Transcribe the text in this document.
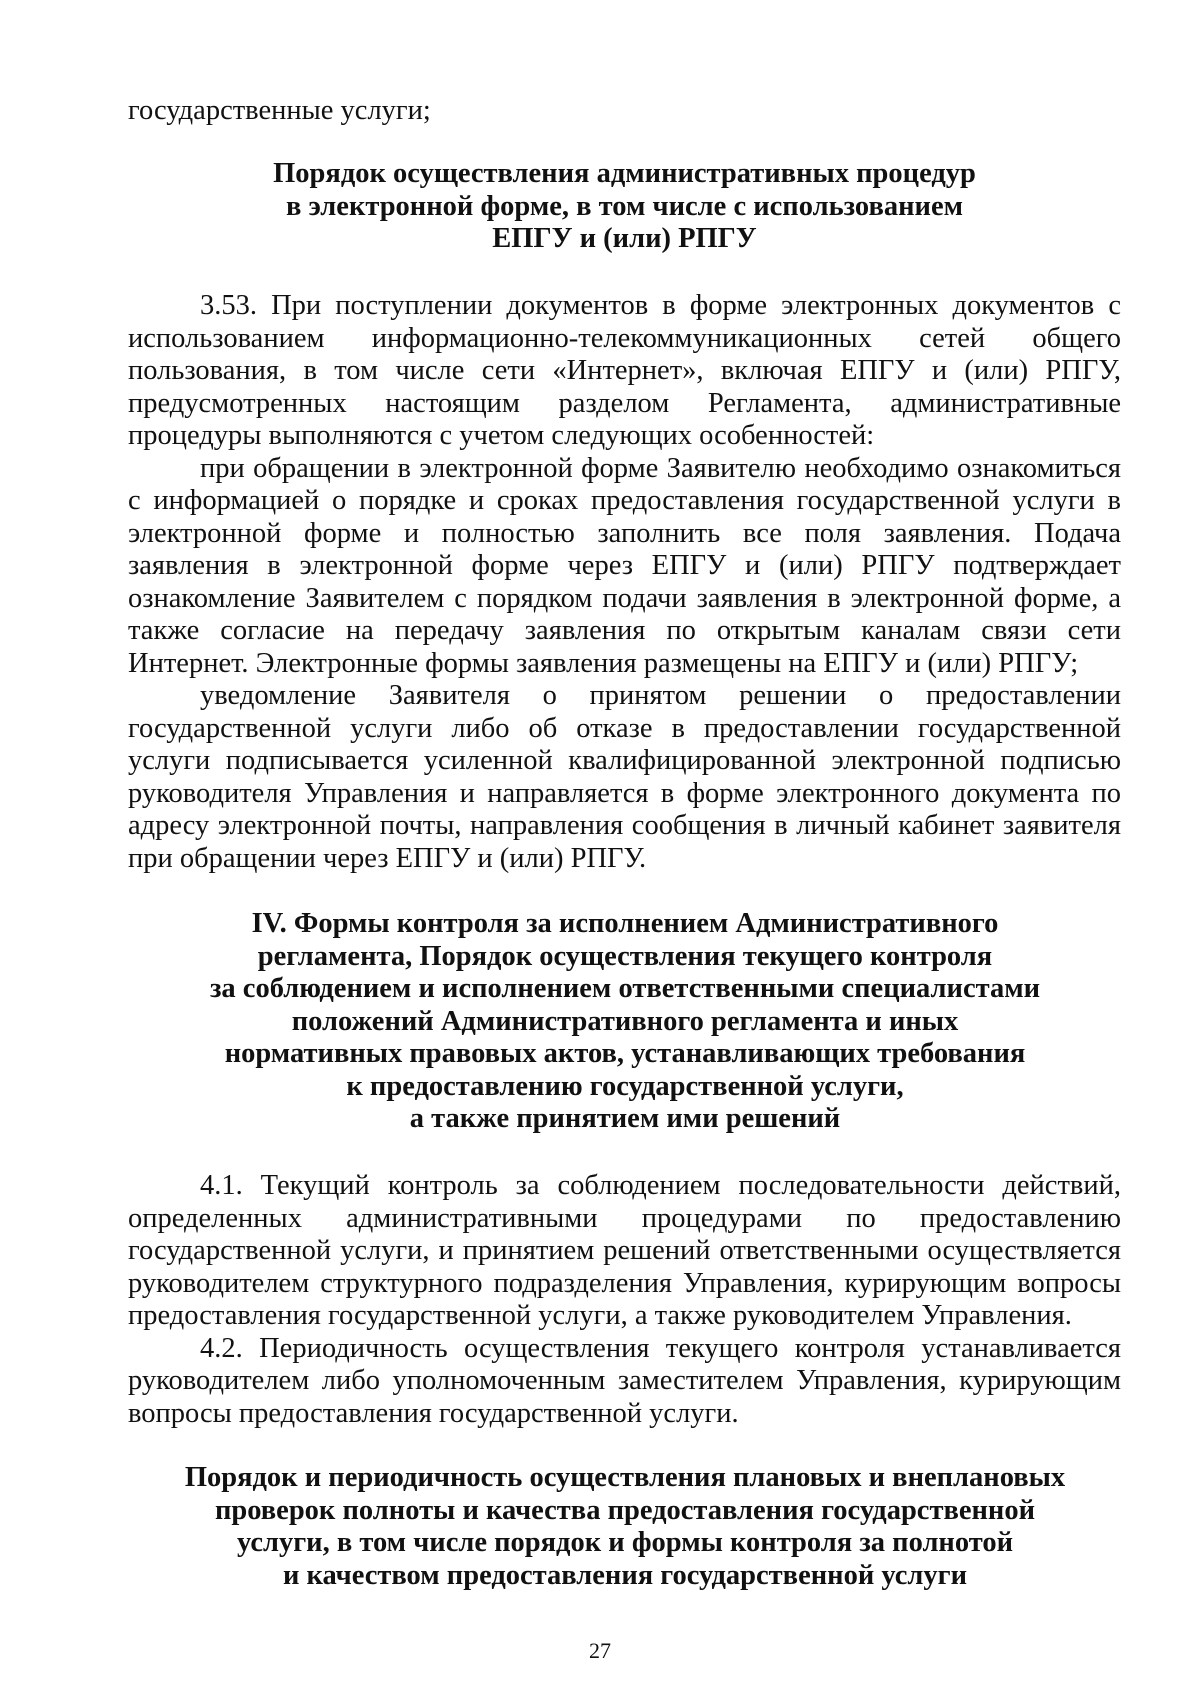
государственные услуги;

Порядок осуществления административных процедур
в электронной форме, в том числе с использованием
ЕПГУ и (или) РПГУ

3.53. При поступлении документов в форме электронных документов с использованием информационно-телекоммуникационных сетей общего пользования, в том числе сети «Интернет», включая ЕПГУ и (или) РПГУ, предусмотренных настоящим разделом Регламента, административные процедуры выполняются с учетом следующих особенностей:

при обращении в электронной форме Заявителю необходимо ознакомиться с информацией о порядке и сроках предоставления государственной услуги в электронной форме и полностью заполнить все поля заявления. Подача заявления в электронной форме через ЕПГУ и (или) РПГУ подтверждает ознакомление Заявителем с порядком подачи заявления в электронной форме, а также согласие на передачу заявления по открытым каналам связи сети Интернет. Электронные формы заявления размещены на ЕПГУ и (или) РПГУ;

уведомление Заявителя о принятом решении о предоставлении государственной услуги либо об отказе в предоставлении государственной услуги подписывается усиленной квалифицированной электронной подписью руководителя Управления и направляется в форме электронного документа по адресу электронной почты, направления сообщения в личный кабинет заявителя при обращении через ЕПГУ и (или) РПГУ.

IV. Формы контроля за исполнением Административного
регламента, Порядок осуществления текущего контроля
за соблюдением и исполнением ответственными специалистами
положений Административного регламента и иных
нормативных правовых актов, устанавливающих требования
к предоставлению государственной услуги,
а также принятием ими решений

4.1. Текущий контроль за соблюдением последовательности действий, определенных административными процедурами по предоставлению государственной услуги, и принятием решений ответственными осуществляется руководителем структурного подразделения Управления, курирующим вопросы предоставления государственной услуги, а также руководителем Управления.

4.2. Периодичность осуществления текущего контроля устанавливается руководителем либо уполномоченным заместителем Управления, курирующим вопросы предоставления государственной услуги.

Порядок и периодичность осуществления плановых и внеплановых
проверок полноты и качества предоставления государственной
услуги, в том числе порядок и формы контроля за полнотой
и качеством предоставления государственной услуги

27
